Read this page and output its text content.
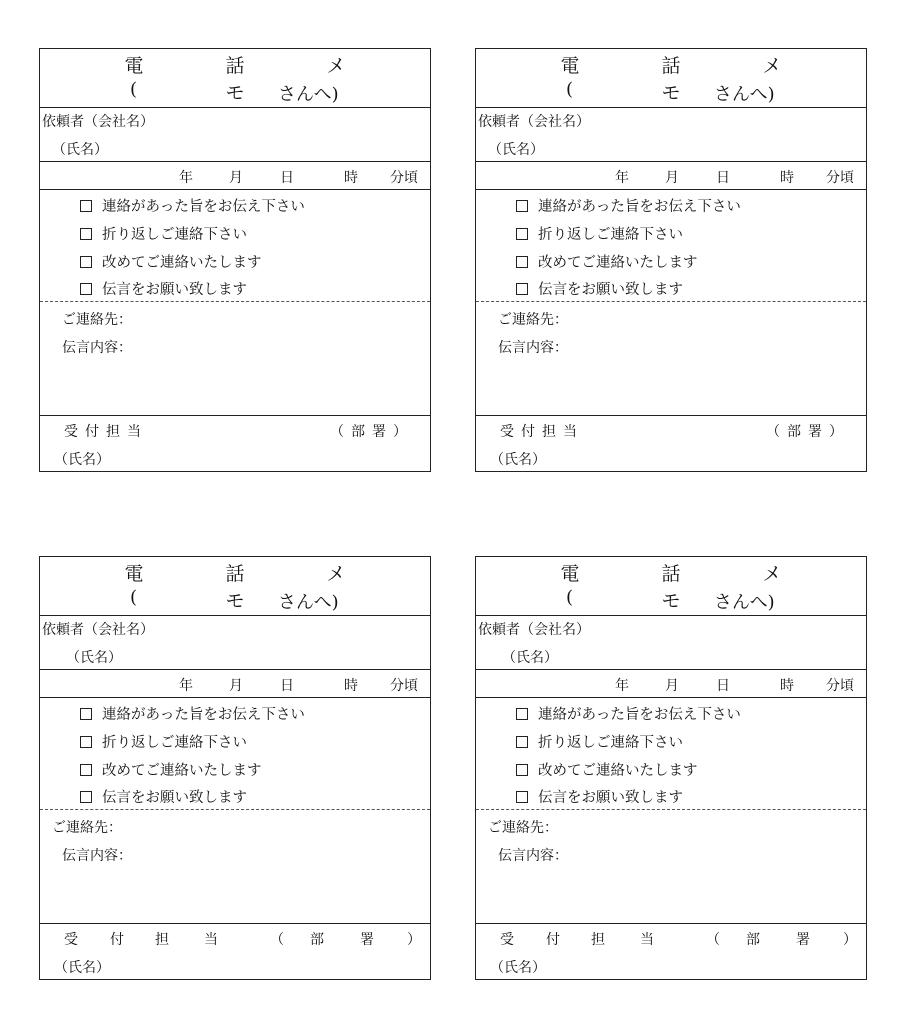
電 話 メ モ
(	さんへ)
依頼者（会社名）
（氏名）
年	月	日	時 分頃
連絡があった旨をお伝え下さい
折り返しご連絡下さい
改めてご連絡いたします
伝言をお願い致します
ご連絡先：
伝言内容：
受付担当	（部署）
（氏名）
電 話 メ モ
(	さんへ)
依頼者（会社名）
（氏名）
年	月	日	時 分頃
連絡があった旨をお伝え下さい
折り返しご連絡下さい
改めてご連絡いたします
伝言をお願い致します
ご連絡先：
伝言内容：
受付担当	（部署）
（氏名）
電 話 メ モ
(	さんへ)
依頼者（会社名）
（氏名）
年	月	日	時 分頃
連絡があった旨をお伝え下さい
折り返しご連絡下さい
改めてご連絡いたします
伝言をお願い致します
ご連絡先：
伝言内容：
受 付 担	当	（ 部	署 ）
（氏名）
電 話 メ モ
(	さんへ)
依頼者（会社名）
（氏名）
年	月	日	時 分頃
連絡があった旨をお伝え下さい
折り返しご連絡下さい
改めてご連絡いたします
伝言をお願い致します
ご連絡先：
伝言内容：
受 付 担	当	（ 部	署 ）
（氏名）
